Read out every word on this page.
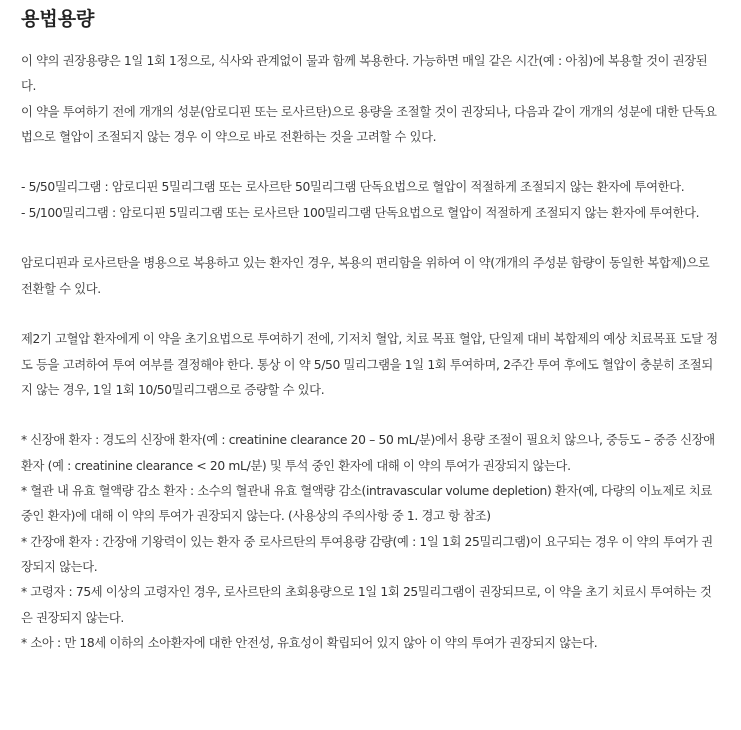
용법용량

이 약의 권장용량은 1일 1회 1정으로, 식사와 관계없이 물과 함께 복용한다. 가능하면 매일 같은 시간(예 : 아침)에 복용할 것이 권장된다.

이 약을 투여하기 전에 개개의 성분(암로디핀 또는 로사르탄)으로 용량을 조절할 것이 권장되나, 다음과 같이 개개의 성분에 대한 단독요법으로 혈압이 조절되지 않는 경우 이 약으로 바로 전환하는 것을 고려할 수 있다.

- 5/50밀리그램 : 암로디핀 5밀리그램 또는 로사르탄 50밀리그램 단독요법으로 혈압이 적절하게 조절되지 않는 환자에 투여한다.

- 5/100밀리그램 : 암로디핀 5밀리그램 또는 로사르탄 100밀리그램 단독요법으로 혈압이 적절하게 조절되지 않는 환자에 투여한다.

암로디핀과 로사르탄을 병용으로 복용하고 있는 환자인 경우, 복용의 편리함을 위하여 이 약(개개의 주성분 함량이 동일한 복합제)으로 전환할 수 있다.

제2기 고혈압 환자에게 이 약을 초기요법으로 투여하기 전에, 기저치 혈압, 치료 목표 혈압, 단일제 대비 복합제의 예상 치료목표 도달 정도 등을 고려하여 투여 여부를 결정해야 한다. 통상 이 약 5/50 밀리그램을 1일 1회 투여하며, 2주간 투여 후에도 혈압이 충분히 조절되지 않는 경우, 1일 1회 10/50밀리그램으로 증량할 수 있다.

* 신장애 환자 : 경도의 신장애 환자(예 : creatinine clearance 20 – 50 mL/분)에서 용량 조절이 필요치 않으나, 중등도 – 중증 신장애 환자 (예 : creatinine clearance < 20 mL/분) 및 투석 중인 환자에 대해 이 약의 투여가 권장되지 않는다.

* 혈관 내 유효 혈액량 감소 환자 : 소수의 혈관내 유효 혈액량 감소(intravascular volume depletion) 환자(예, 다량의 이뇨제로 치료중인 환자)에 대해 이 약의 투여가 권장되지 않는다. (사용상의 주의사항 중 1. 경고 항 참조)

* 간장애 환자 : 간장애 기왕력이 있는 환자 중 로사르탄의 투여용량 감량(예 : 1일 1회 25밀리그램)이 요구되는 경우 이 약의 투여가 권장되지 않는다.

* 고령자 : 75세 이상의 고령자인 경우, 로사르탄의 초회용량으로 1일 1회 25밀리그램이 권장되므로, 이 약을 초기 치료시 투여하는 것은 권장되지 않는다.

* 소아 : 만 18세 이하의 소아환자에 대한 안전성, 유효성이 확립되어 있지 않아 이 약의 투여가 권장되지 않는다.
